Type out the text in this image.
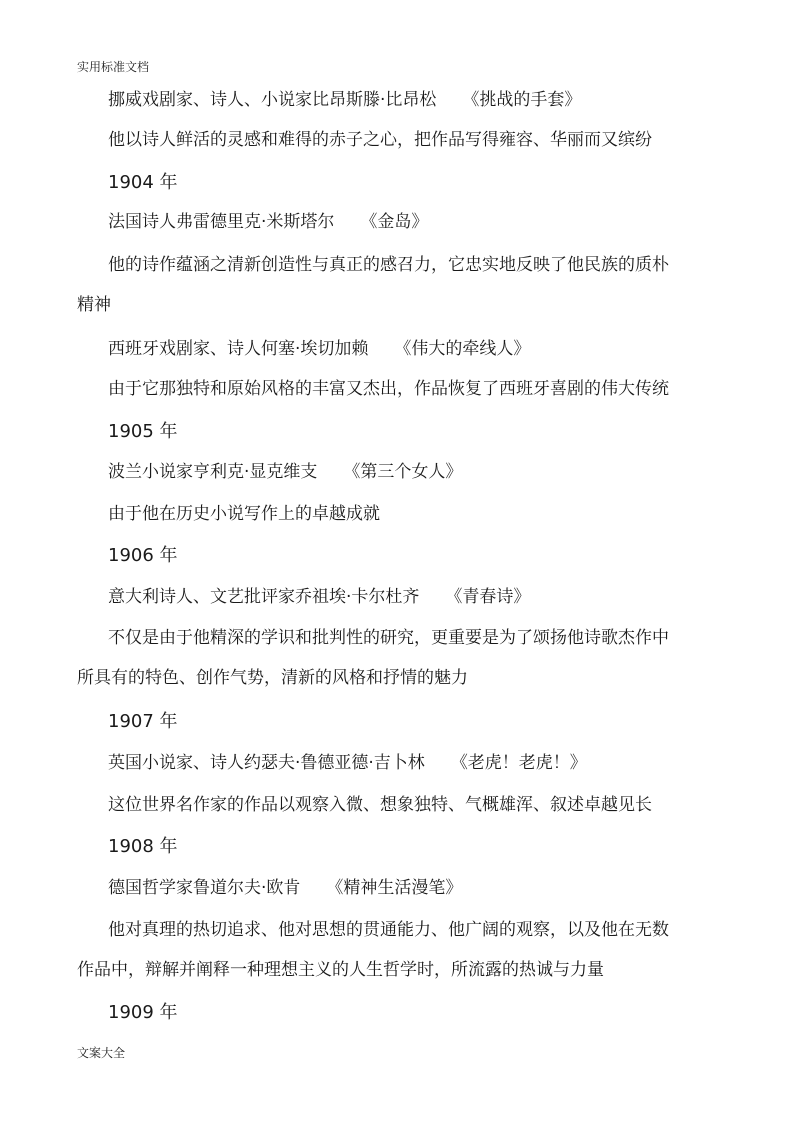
实用标准文档
挪威戏剧家、诗人、小说家比昂斯滕·比昂松 《挑战的手套》
他以诗人鲜活的灵感和难得的赤子之心，把作品写得雍容、华丽而又缤纷
1904 年
法国诗人弗雷德里克·米斯塔尔 《金岛》
他的诗作蕴涵之清新创造性与真正的感召力，它忠实地反映了他民族的质朴
精神
西班牙戏剧家、诗人何塞·埃切加赖 《伟大的牵线人》
由于它那独特和原始风格的丰富又杰出，作品恢复了西班牙喜剧的伟大传统
1905 年
波兰小说家亨利克·显克维支 《第三个女人》
由于他在历史小说写作上的卓越成就
1906 年
意大利诗人、文艺批评家乔祖埃·卡尔杜齐 《青春诗》
不仅是由于他精深的学识和批判性的研究，更重要是为了颂扬他诗歌杰作中
所具有的特色、创作气势，清新的风格和抒情的魅力
1907 年
英国小说家、诗人约瑟夫·鲁德亚德·吉卜林 《老虎！老虎！》
这位世界名作家的作品以观察入微、想象独特、气概雄浑、叙述卓越见长
1908 年
德国哲学家鲁道尔夫·欧肯 《精神生活漫笔》
他对真理的热切追求、他对思想的贯通能力、他广阔的观察，以及他在无数
作品中，辩解并阐释一种理想主义的人生哲学时，所流露的热诚与力量
1909 年
文案大全
